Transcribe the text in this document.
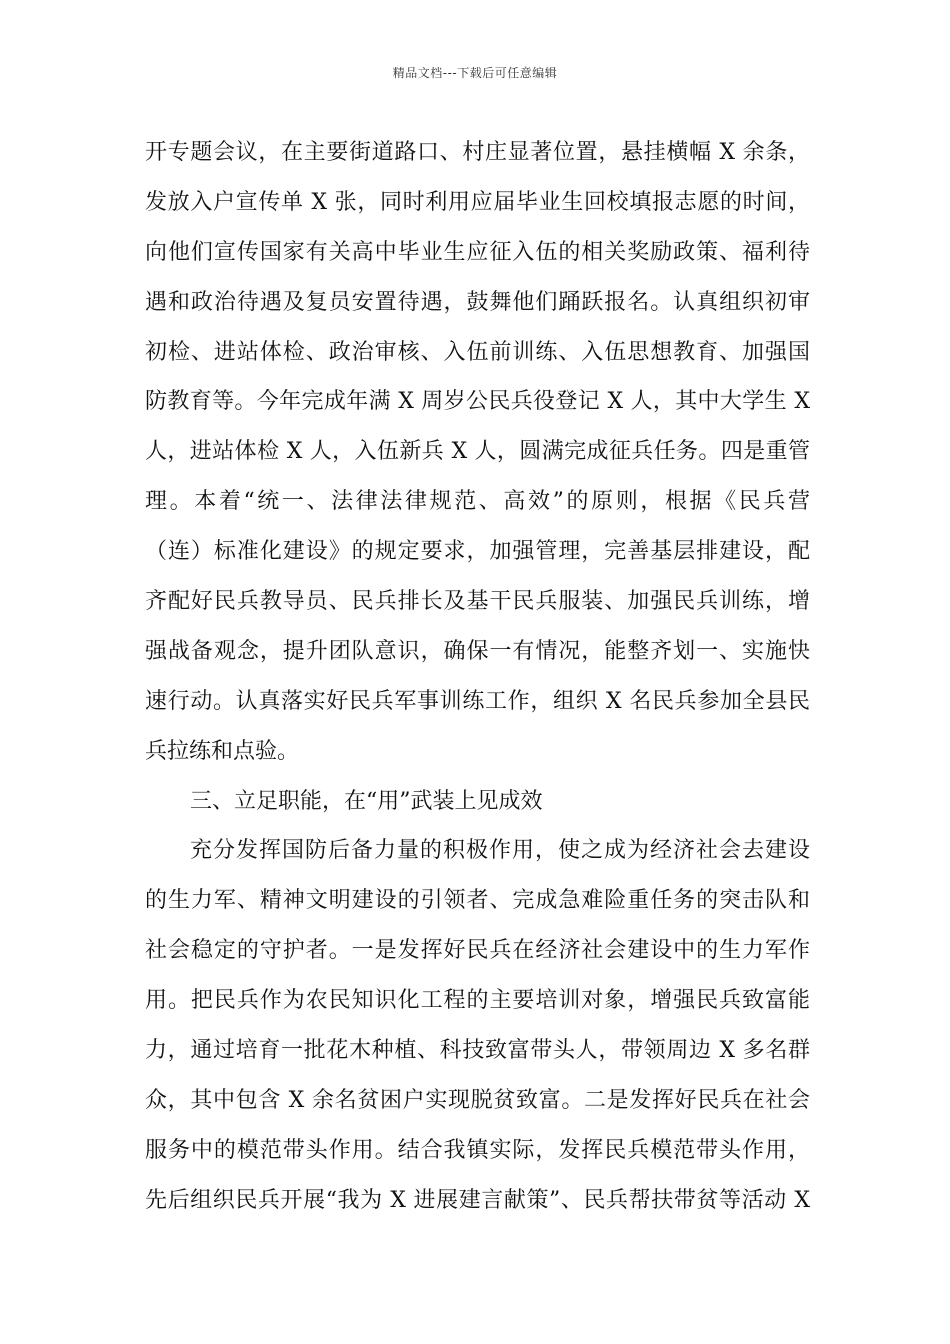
精品文档---下载后可任意编辑
开专题会议，在主要街道路口、村庄显著位置，悬挂横幅 X 余条，
发放入户宣传单 X 张，同时利用应届毕业生回校填报志愿的时间，
向他们宣传国家有关高中毕业生应征入伍的相关奖励政策、福利待
遇和政治待遇及复员安置待遇，鼓舞他们踊跃报名。认真组织初审
初检、进站体检、政治审核、入伍前训练、入伍思想教育、加强国
防教育等。今年完成年满 X 周岁公民兵役登记 X 人，其中大学生 X
人，进站体检 X 人，入伍新兵 X 人，圆满完成征兵任务。四是重管
理。本着“统一、法律法律规范、高效”的原则，根据《民兵营
（连）标准化建设》的规定要求，加强管理，完善基层排建设，配
齐配好民兵教导员、民兵排长及基干民兵服装、加强民兵训练，增
强战备观念，提升团队意识，确保一有情况，能整齐划一、实施快
速行动。认真落实好民兵军事训练工作，组织 X 名民兵参加全县民
兵拉练和点验。
三、立足职能，在“用”武装上见成效
充分发挥国防后备力量的积极作用，使之成为经济社会去建设
的生力军、精神文明建设的引领者、完成急难险重任务的突击队和
社会稳定的守护者。一是发挥好民兵在经济社会建设中的生力军作
用。把民兵作为农民知识化工程的主要培训对象，增强民兵致富能
力，通过培育一批花木种植、科技致富带头人，带领周边 X 多名群
众，其中包含 X 余名贫困户实现脱贫致富。二是发挥好民兵在社会
服务中的模范带头作用。结合我镇实际，发挥民兵模范带头作用，
先后组织民兵开展“我为 X 进展建言献策”、民兵帮扶带贫等活动 X
